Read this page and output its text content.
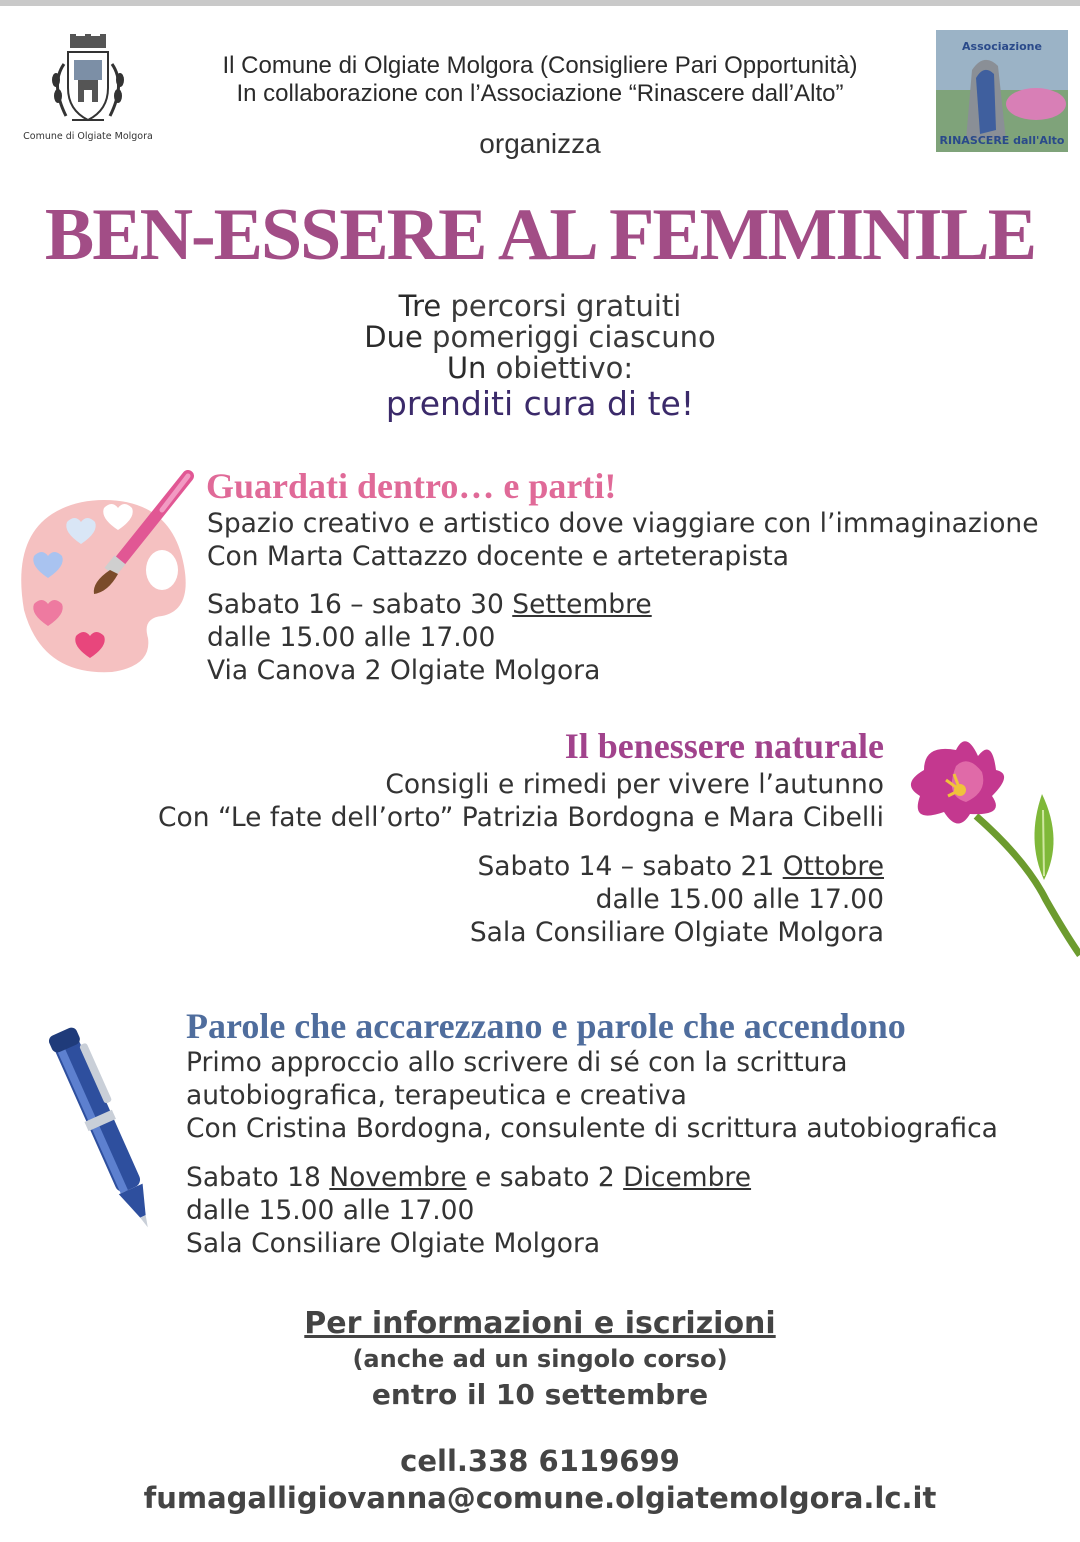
Comune di Olgiate Molgora
Il Comune di Olgiate Molgora (Consigliere Pari Opportunità)
In collaborazione con l’Associazione “Rinascere dall’Alto”
organizza
Associazione
RINASCERE dall'Alto
BEN-ESSERE AL FEMMINILE
Tre percorsi gratuiti
Due pomeriggi ciascuno
Un obiettivo:
prenditi cura di te!
Guardati dentro… e parti!
Spazio creativo e artistico dove viaggiare con l’immaginazione
Con Marta Cattazzo docente e arteterapista
Sabato 16 – sabato 30 Settembre
dalle 15.00 alle 17.00
Via Canova 2 Olgiate Molgora
Il benessere naturale
Consigli e rimedi per vivere l’autunno
Con “Le fate dell’orto” Patrizia Bordogna e Mara Cibelli
Sabato 14 – sabato 21 Ottobre
dalle 15.00 alle 17.00
Sala Consiliare Olgiate Molgora
Parole che accarezzano e parole che accendono
Primo approccio allo scrivere di sé con la scrittura
autobiografica, terapeutica e creativa
Con Cristina Bordogna, consulente di scrittura autobiografica
Sabato 18 Novembre e sabato 2 Dicembre
dalle 15.00 alle 17.00
Sala Consiliare Olgiate Molgora
Per informazioni e iscrizioni
(anche ad un singolo corso)
entro il 10 settembre
cell.338 6119699
fumagalligiovanna@comune.olgiatemolgora.lc.it
